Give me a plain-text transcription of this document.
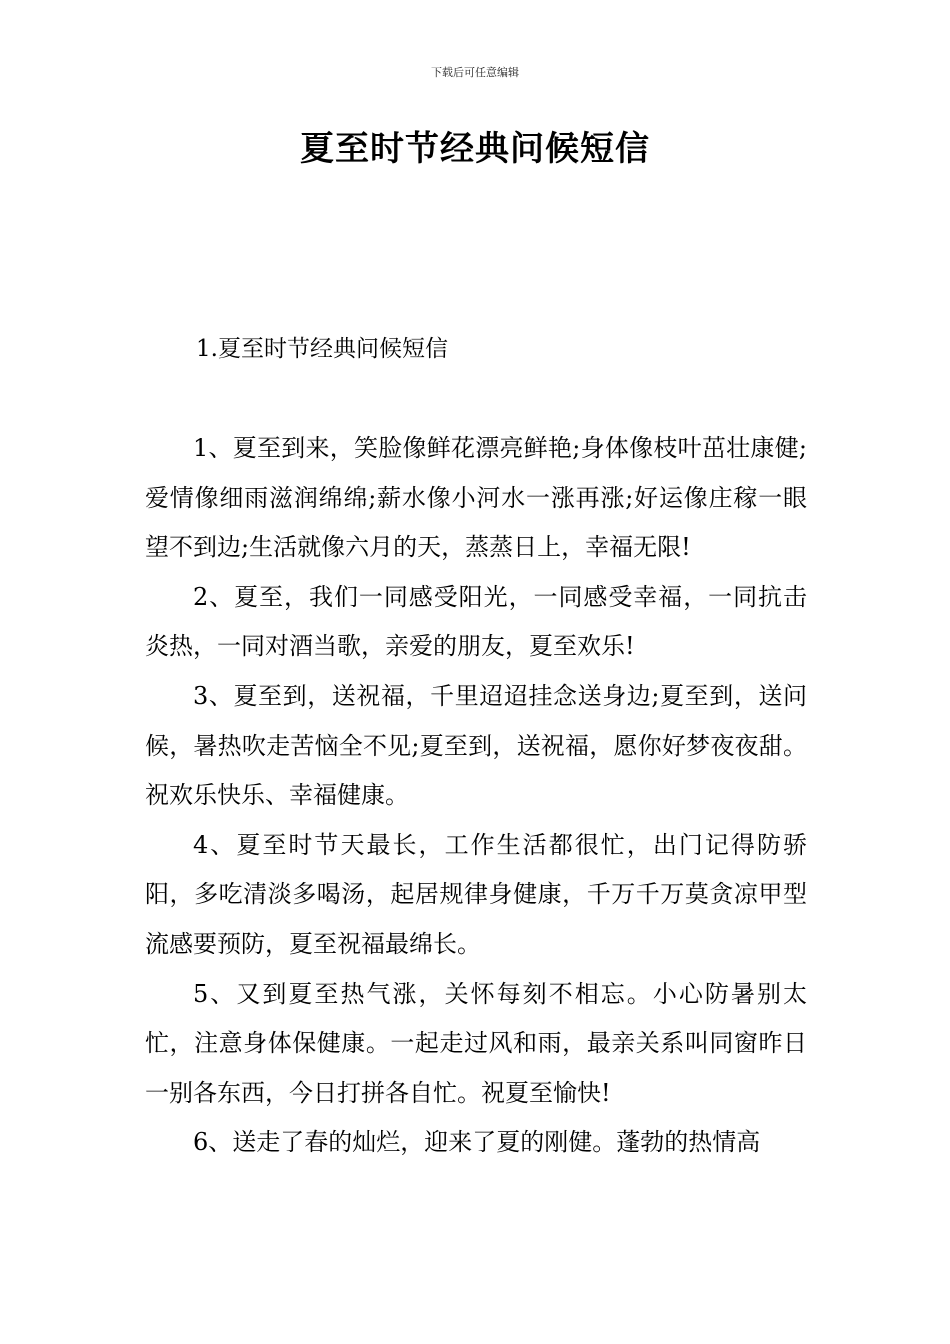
下载后可任意编辑
夏至时节经典问候短信
1.夏至时节经典问候短信

1、夏至到来，笑脸像鲜花漂亮鲜艳;身体像枝叶茁壮康健;爱情像细雨滋润绵绵;薪水像小河水一涨再涨;好运像庄稼一眼望不到边;生活就像六月的天，蒸蒸日上，幸福无限!

2、夏至，我们一同感受阳光，一同感受幸福，一同抗击炎热，一同对酒当歌，亲爱的朋友，夏至欢乐!

3、夏至到，送祝福，千里迢迢挂念送身边;夏至到，送问候，暑热吹走苦恼全不见;夏至到，送祝福，愿你好梦夜夜甜。祝欢乐快乐、幸福健康。

4、夏至时节天最长，工作生活都很忙，出门记得防骄阳，多吃清淡多喝汤，起居规律身健康，千万千万莫贪凉甲型流感要预防，夏至祝福最绵长。

5、又到夏至热气涨，关怀每刻不相忘。小心防暑别太忙，注意身体保健康。一起走过风和雨，最亲关系叫同窗昨日一别各东西，今日打拼各自忙。祝夏至愉快!

6、送走了春的灿烂，迎来了夏的刚健。蓬勃的热情高
